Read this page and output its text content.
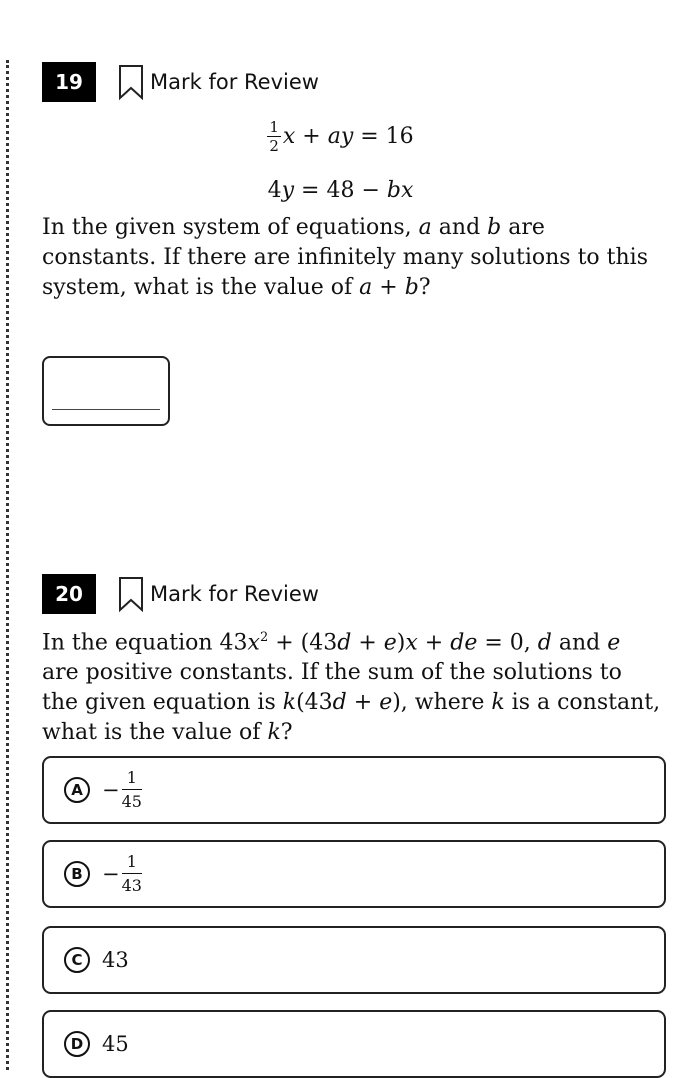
19	Mark for Review
$\frac{1}{2}$ x + ay = 16
4y = 48 − bx
In the given system of equations, a and b are constants. If there are infinitely many solutions to this system, what is the value of a + b?
20	Mark for Review
In the equation $43x^2 + (43d + e)x$ + de = 0, d and e are positive constants. If the sum of the solutions to the given equation is k(43d + e), where k is a constant, what is the value of k?
$A - \frac{1}{45}$
$B - \frac{1}{43}$
C 43
D 45
